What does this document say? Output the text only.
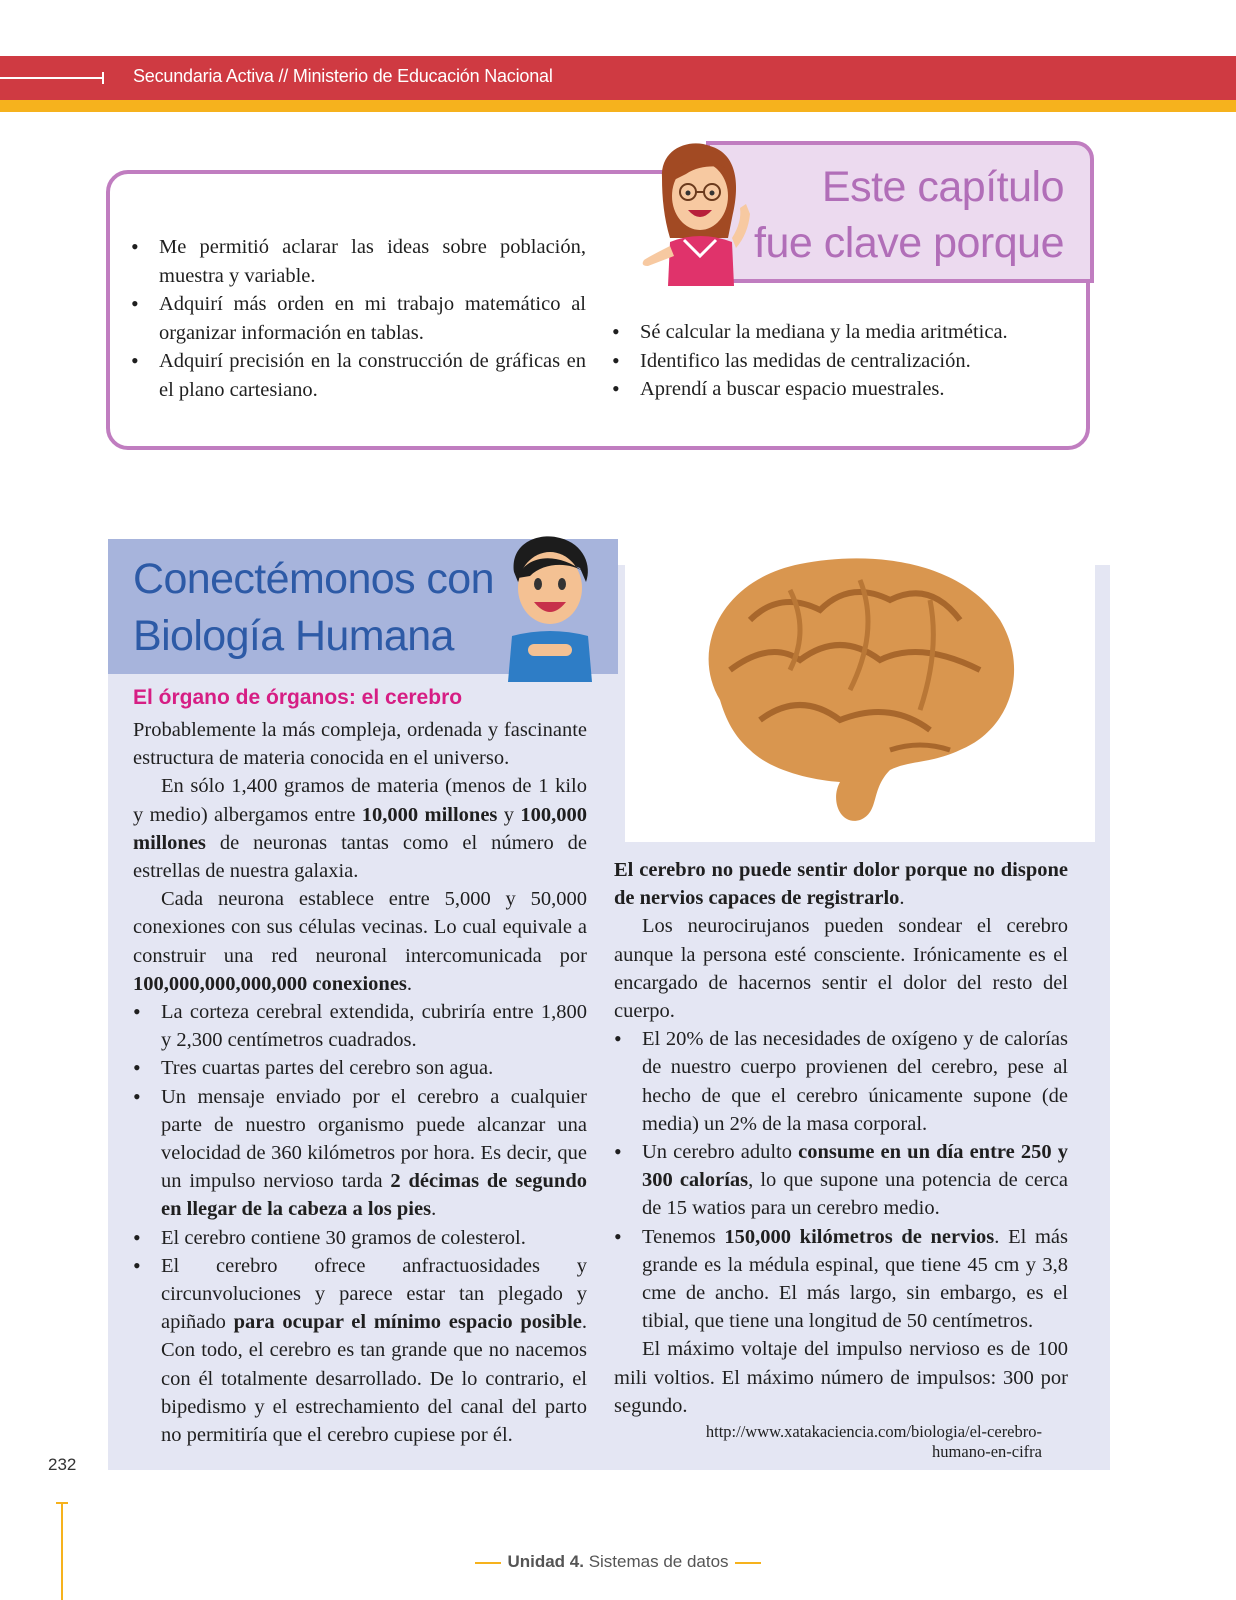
Secundaria Activa // Ministerio de Educación Nacional
Este capítulo
fue clave porque
• Me permitió aclarar las ideas sobre población, muestra y variable.
• Adquirí más orden en mi trabajo matemático al organizar información en tablas.
• Adquirí precisión en la construcción de gráficas en el plano cartesiano.
• Sé calcular la mediana y la media aritmética.
• Identifico las medidas de centralización.
• Aprendí a buscar espacio muestrales.
Conectémonos con
Biología Humana
El órgano de órganos: el cerebro

Probablemente la más compleja, ordenada y fascinante estructura de materia conocida en el universo.

En sólo 1,400 gramos de materia (menos de 1 kilo y medio) albergamos entre 10,000 millones y 100,000 millones de neuronas tantas como el número de estrellas de nuestra galaxia.

Cada neurona establece entre 5,000 y 50,000 conexiones con sus células vecinas. Lo cual equivale a construir una red neuronal intercomunicada por 100,000,000,000,000 conexiones.

• La corteza cerebral extendida, cubriría entre 1,800 y 2,300 centímetros cuadrados.
• Tres cuartas partes del cerebro son agua.
• Un mensaje enviado por el cerebro a cualquier parte de nuestro organismo puede alcanzar una velocidad de 360 kilómetros por hora. Es decir, que un impulso nervioso tarda 2 décimas de segundo en llegar de la cabeza a los pies.
• El cerebro contiene 30 gramos de colesterol.
• El cerebro ofrece anfractuosidades y circunvoluciones y parece estar tan plegado y apiñado para ocupar el mínimo espacio posible. Con todo, el cerebro es tan grande que no nacemos con él totalmente desarrollado. De lo contrario, el bipedismo y el estrechamiento del canal del parto no permitiría que el cerebro cupiese por él.

El cerebro no puede sentir dolor porque no dispone de nervios capaces de registrarlo.

Los neurocirujanos pueden sondear el cerebro aunque la persona esté consciente. Irónicamente es el encargado de hacernos sentir el dolor del resto del cuerpo.

• El 20% de las necesidades de oxígeno y de calorías de nuestro cuerpo provienen del cerebro, pese al hecho de que el cerebro únicamente supone (de media) un 2% de la masa corporal.
• Un cerebro adulto consume en un día entre 250 y 300 calorías, lo que supone una potencia de cerca de 15 watios para un cerebro medio.
• Tenemos 150,000 kilómetros de nervios. El más grande es la médula espinal, que tiene 45 cm y 3,8 cme de ancho. El más largo, sin embargo, es el tibial, que tiene una longitud de 50 centímetros.

El máximo voltaje del impulso nervioso es de 100 mili voltios. El máximo número de impulsos: 300 por segundo.

http://www.xatakaciencia.com/biologia/el-cerebro-
humano-en-cifra
232
Unidad 4. Sistemas de datos
